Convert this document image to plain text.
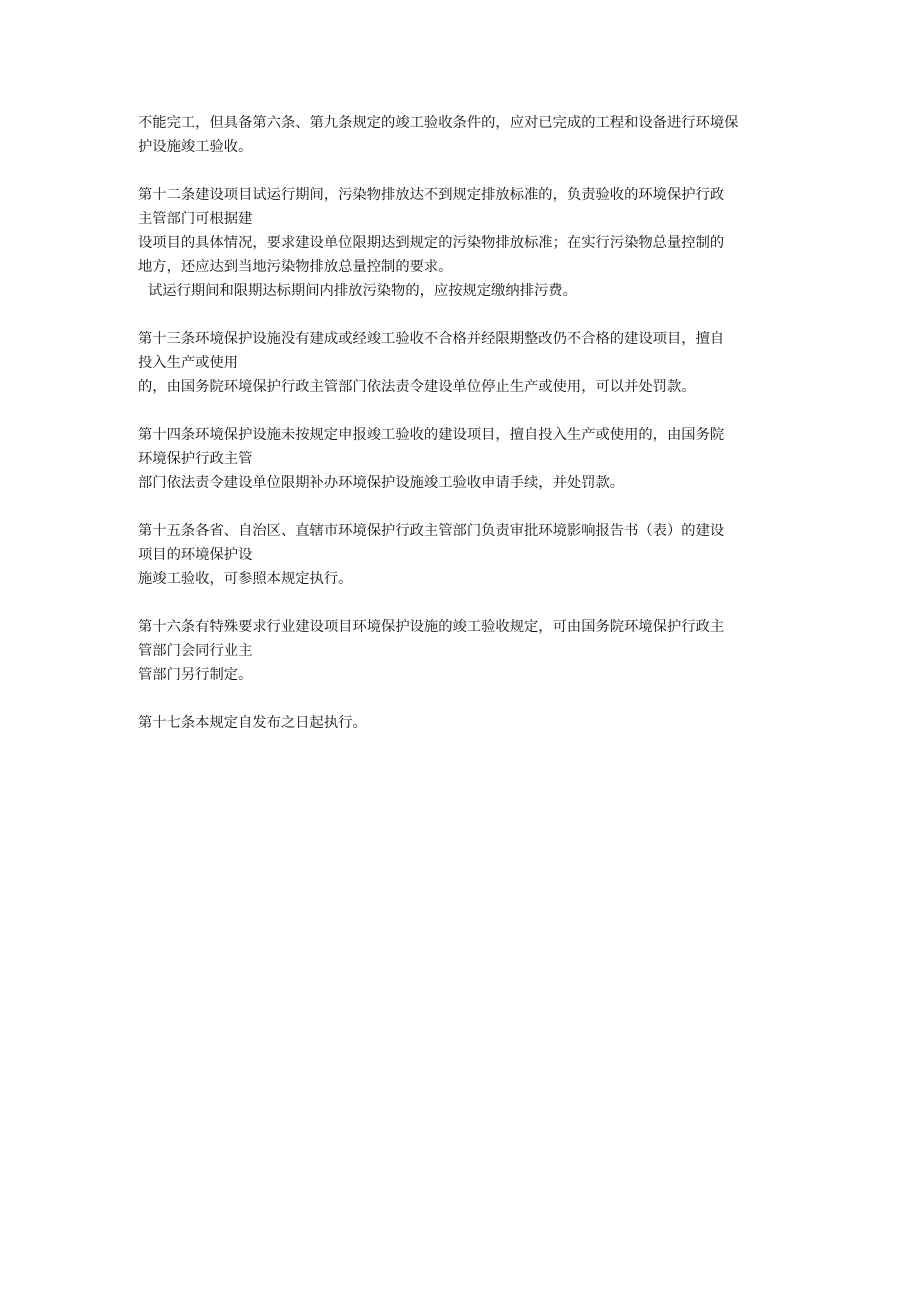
不能完工，但具备第六条、第九条规定的竣工验收条件的，应对已完成的工程和设备进行环境保
护设施竣工验收。

第十二条建设项目试运行期间，污染物排放达不到规定排放标准的，负责验收的环境保护行政
主管部门可根据建
设项目的具体情况，要求建设单位限期达到规定的污染物排放标准；在实行污染物总量控制的
地方，还应达到当地污染物排放总量控制的要求。
试运行期间和限期达标期间内排放污染物的，应按规定缴纳排污费。

第十三条环境保护设施没有建成或经竣工验收不合格并经限期整改仍不合格的建设项目，擅自
投入生产或使用
的，由国务院环境保护行政主管部门依法责令建设单位停止生产或使用，可以并处罚款。

第十四条环境保护设施未按规定申报竣工验收的建设项目，擅自投入生产或使用的，由国务院
环境保护行政主管
部门依法责令建设单位限期补办环境保护设施竣工验收申请手续，并处罚款。

第十五条各省、自治区、直辖市环境保护行政主管部门负责审批环境影响报告书（表）的建设
项目的环境保护设
施竣工验收，可参照本规定执行。

第十六条有特殊要求行业建设项目环境保护设施的竣工验收规定，可由国务院环境保护行政主
管部门会同行业主
管部门另行制定。

第十七条本规定自发布之日起执行。
